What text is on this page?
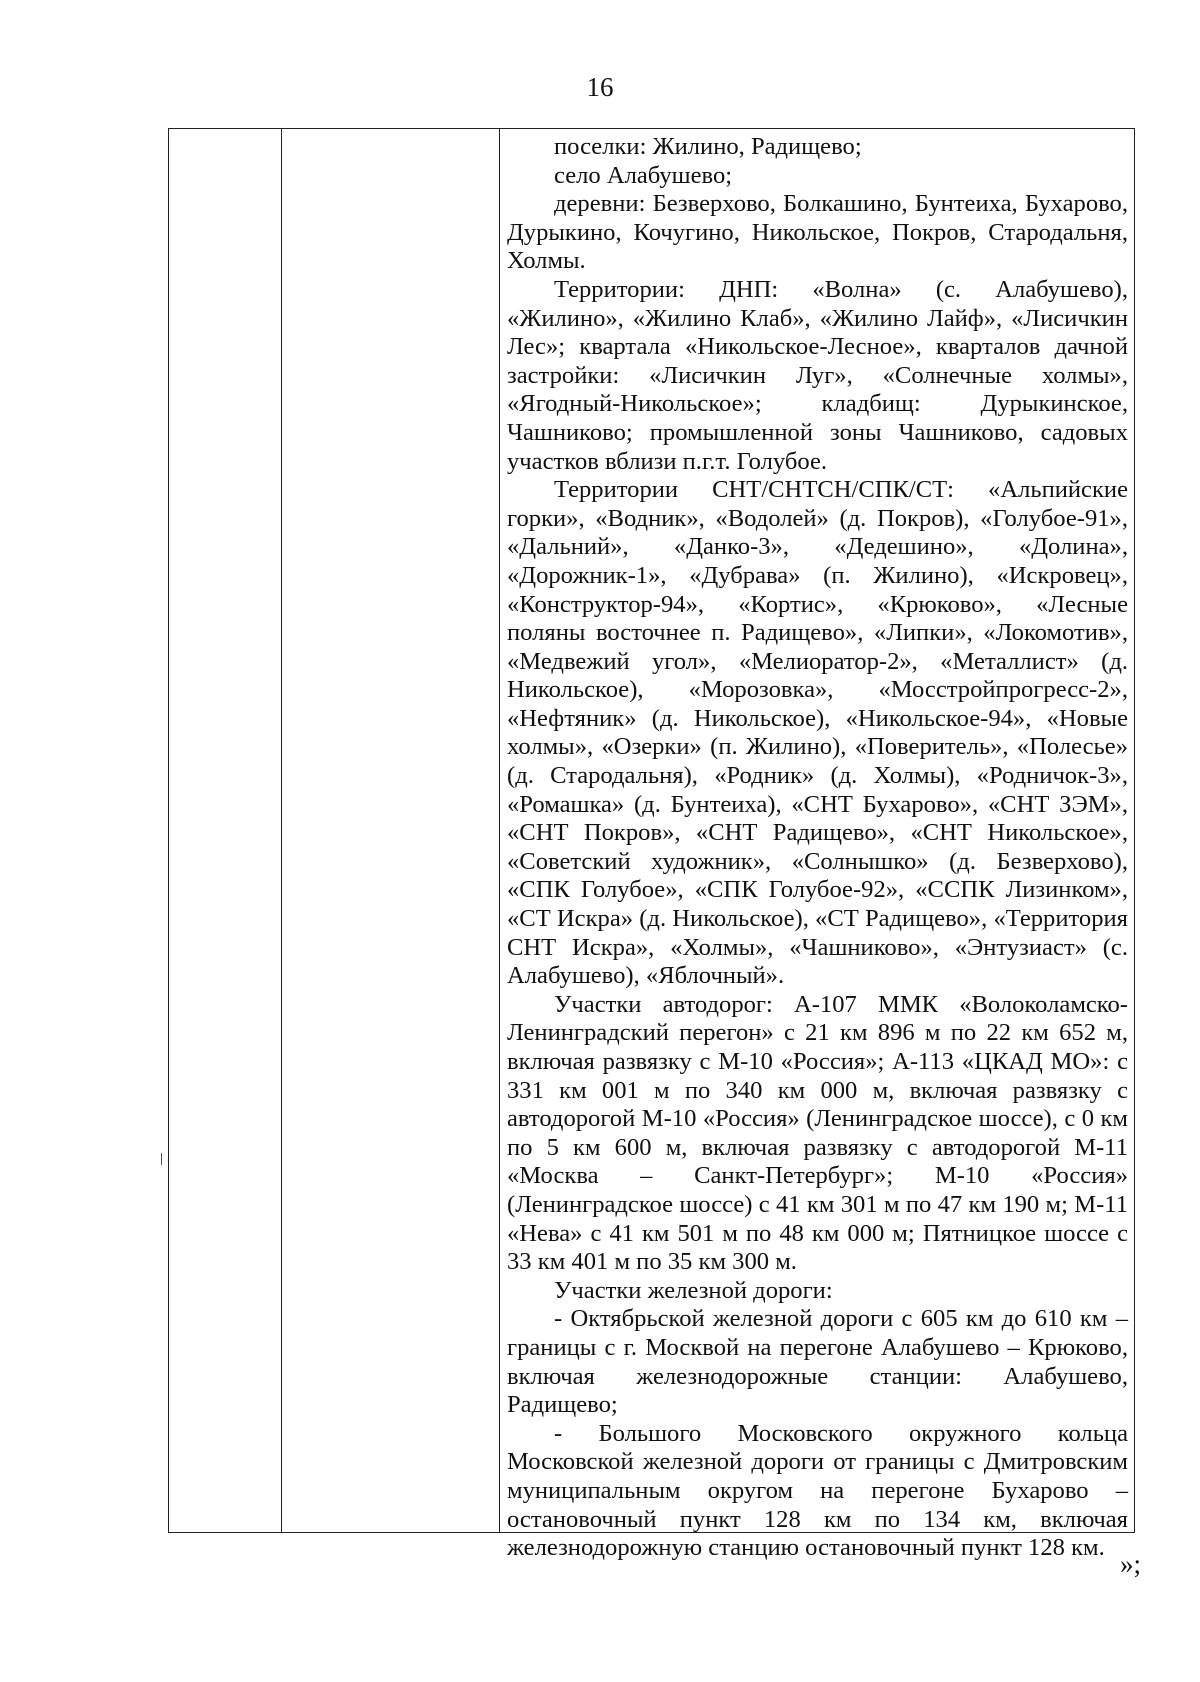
16

поселки: Жилино, Радищево;

село Алабушево;

деревни: Безверхово, Болкашино, Бунтеиха, Бухарово, Дурыкино, Кочугино, Никольское, Покров, Стародальня, Холмы.

Территории: ДНП: «Волна» (с. Алабушево), «Жилино», «Жилино Клаб», «Жилино Лайф», «Лисичкин Лес»; квартала «Никольское-Лесное», кварталов дачной застройки: «Лисичкин Луг», «Солнечные холмы», «Ягодный-Никольское»; кладбищ: Дурыкинское, Чашниково; промышленной зоны Чашниково, садовых участков вблизи п.г.т. Голубое.

Территории СНТ/СНТСН/СПК/СТ: «Альпийские горки», «Водник», «Водолей» (д. Покров), «Голубое-91», «Дальний», «Данко-3», «Дедешино», «Долина», «Дорожник-1», «Дубрава» (п. Жилино), «Искровец», «Конструктор-94», «Кортис», «Крюково», «Лесные поляны восточнее п. Радищево», «Липки», «Локомотив», «Медвежий угол», «Мелиоратор-2», «Металлист» (д. Никольское), «Морозовка», «Мосстройпрогресс-2», «Нефтяник» (д. Никольское), «Никольское-94», «Новые холмы», «Озерки» (п. Жилино), «Поверитель», «Полесье» (д. Стародальня), «Родник» (д. Холмы), «Родничок-3», «Ромашка» (д. Бунтеиха), «СНТ Бухарово», «СНТ ЗЭМ», «СНТ Покров», «СНТ Радищево», «СНТ Никольское», «Советский художник», «Солнышко» (д. Безверхово), «СПК Голубое», «СПК Голубое-92», «ССПК Лизинком», «СТ Искра» (д. Никольское), «СТ Радищево», «Территория СНТ Искра», «Холмы», «Чашниково», «Энтузиаст» (с. Алабушево), «Яблочный».

Участки автодорог: А-107 ММК «Волоколамско-Ленинградский перегон» с 21 км 896 м по 22 км 652 м, включая развязку с М-10 «Россия»; А-113 «ЦКАД МО»: с 331 км 001 м по 340 км 000 м, включая развязку с автодорогой М-10 «Россия» (Ленинградское шоссе), с 0 км по 5 км 600 м, включая развязку с автодорогой М-11 «Москва – Санкт-Петербург»; М-10 «Россия» (Ленинградское шоссе) с 41 км 301 м по 47 км 190 м; М-11 «Нева» с 41 км 501 м по 48 км 000 м; Пятницкое шоссе с 33 км 401 м по 35 км 300 м.

Участки железной дороги:

- Октябрьской железной дороги с 605 км до 610 км – границы с г. Москвой на перегоне Алабушево – Крюково, включая железнодорожные станции: Алабушево, Радищево;

- Большого Московского окружного кольца Московской железной дороги от границы с Дмитровским муниципальным округом на перегоне Бухарово – остановочный пункт 128 км по 134 км, включая железнодорожную станцию остановочный пункт 128 км.

»;
